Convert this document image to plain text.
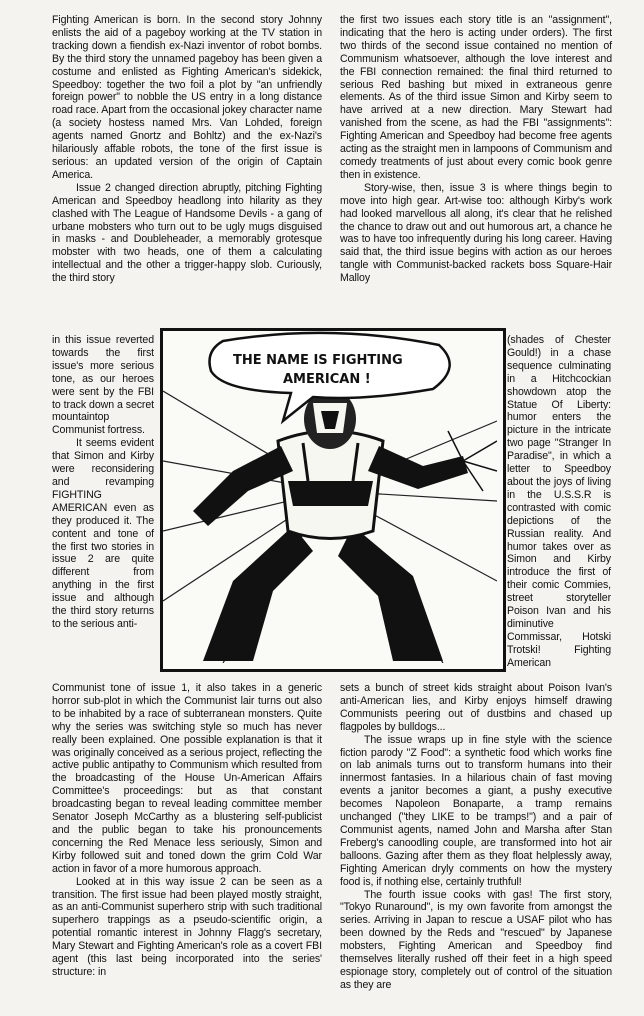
Fighting American is born. In the second story Johnny enlists the aid of a pageboy working at the TV station in tracking down a fiendish ex-Nazi inventor of robot bombs. By the third story the unnamed pageboy has been given a costume and enlisted as Fighting American's sidekick, Speedboy: together the two foil a plot by "an unfriendly foreign power" to nobble the US entry in a long distance road race. Apart from the occasional jokey character name (a society hostess named Mrs. Van Lohded, foreign agents named Gnortz and Bohltz) and the ex-Nazi's hilariously affable robots, the tone of the first issue is serious: an updated version of the origin of Captain America.

Issue 2 changed direction abruptly, pitching Fighting American and Speedboy headlong into hilarity as they clashed with The League of Handsome Devils - a gang of urbane mobsters who turn out to be ugly mugs disguised in masks - and Doubleheader, a memorably grotesque mobster with two heads, one of them a calculating intellectual and the other a trigger-happy slob. Curiously, the third story

the first two issues each story title is an "assignment", indicating that the hero is acting under orders). The first two thirds of the second issue contained no mention of Communism whatsoever, although the love interest and the FBI connection remained: the final third returned to serious Red bashing but mixed in extraneous genre elements. As of the third issue Simon and Kirby seem to have arrived at a new direction. Mary Stewart had vanished from the scene, as had the FBI "assignments": Fighting American and Speedboy had become free agents acting as the straight men in lampoons of Communism and comedy treatments of just about every comic book genre then in existence.

Story-wise, then, issue 3 is where things begin to move into high gear. Art-wise too: although Kirby's work had looked marvellous all along, it's clear that he relished the chance to draw out and out humorous art, a chance he was to have too infrequently during his long career. Having said that, the third issue begins with action as our heroes tangle with Communist-backed rackets boss Square-Hair Malloy

in this issue reverted towards the first issue's more serious tone, as our heroes were sent by the FBI to track down a secret mountaintop Communist fortress.

It seems evident that Simon and Kirby were reconsidering and revamping FIGHTING AMERICAN even as they produced it. The content and tone of the first two stories in issue 2 are quite different from anything in the first issue and although the third story returns to the serious anti-

(shades of Chester Gould!) in a chase sequence culminating in a Hitchcockian showdown atop the Statue Of Liberty: humor enters the picture in the intricate two page "Stranger In Paradise", in which a letter to Speedboy about the joys of living in the U.S.S.R is contrasted with comic depictions of the Russian reality. And humor takes over as Simon and Kirby introduce the first of their comic Commies, street storyteller Poison Ivan and his diminutive Commissar, Hotski Trotski! Fighting American

THE NAME IS FIGHTING
AMERICAN !

Communist tone of issue 1, it also takes in a generic horror sub-plot in which the Communist lair turns out also to be inhabited by a race of subterranean monsters. Quite why the series was switching style so much has never really been explained. One possible explanation is that it was originally conceived as a serious project, reflecting the active public antipathy to Communism which resulted from the broadcasting of the House Un-American Affairs Committee's proceedings: but as that constant broadcasting began to reveal leading committee member Senator Joseph McCarthy as a blustering self-publicist and the public began to take his pronouncements concerning the Red Menace less seriously, Simon and Kirby followed suit and toned down the grim Cold War action in favor of a more humorous approach.

Looked at in this way issue 2 can be seen as a transition. The first issue had been played mostly straight, as an anti-Communist superhero strip with such traditional superhero trappings as a pseudo-scientific origin, a potential romantic interest in Johnny Flagg's secretary, Mary Stewart and Fighting American's role as a covert FBI agent (this last being incorporated into the series' structure: in

sets a bunch of street kids straight about Poison Ivan's anti-American lies, and Kirby enjoys himself drawing Communists peering out of dustbins and chased up flagpoles by bulldogs...

The issue wraps up in fine style with the science fiction parody "Z Food": a synthetic food which works fine on lab animals turns out to transform humans into their innermost fantasies. In a hilarious chain of fast moving events a janitor becomes a giant, a pushy executive becomes Napoleon Bonaparte, a tramp remains unchanged ("they LIKE to be tramps!") and a pair of Communist agents, named John and Marsha after Stan Freberg's canoodling couple, are transformed into hot air balloons. Gazing after them as they float helplessly away, Fighting American dryly comments on how the mystery food is, if nothing else, certainly truthful!

The fourth issue cooks with gas! The first story, "Tokyo Runaround", is my own favorite from amongst the series. Arriving in Japan to rescue a USAF pilot who has been downed by the Reds and "rescued" by Japanese mobsters, Fighting American and Speedboy find themselves literally rushed off their feet in a high speed espionage story, completely out of control of the situation as they are
